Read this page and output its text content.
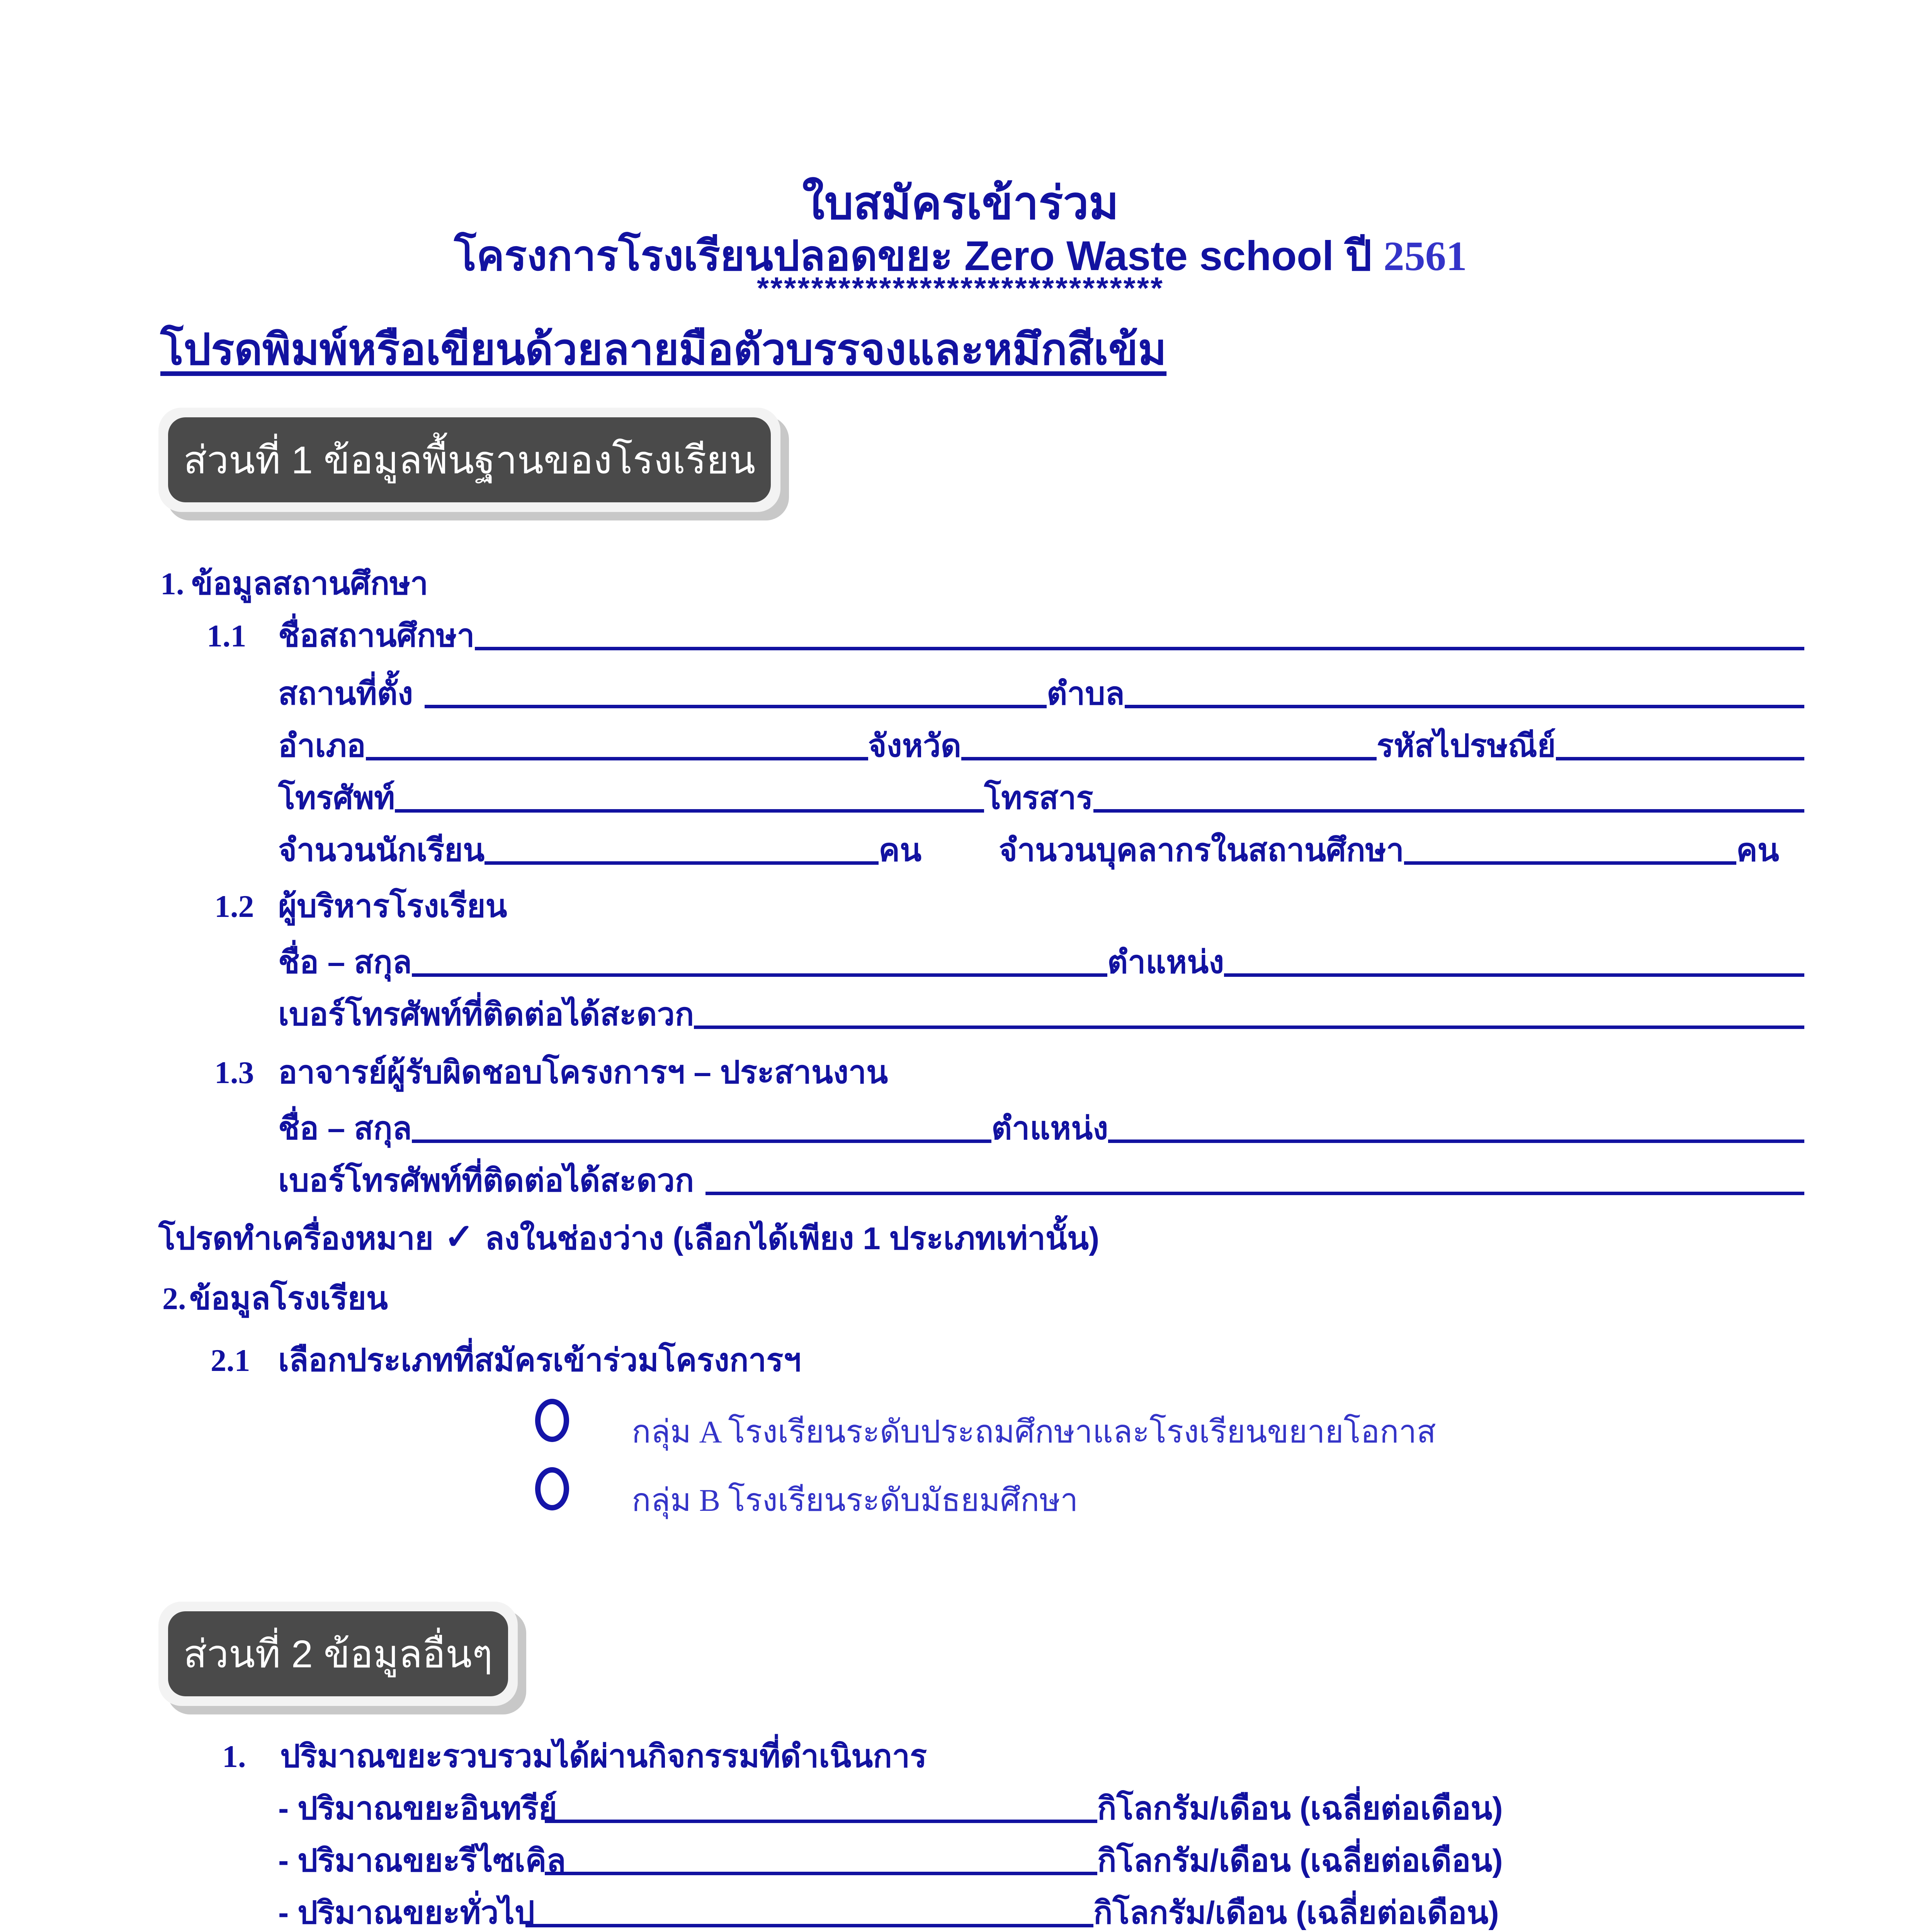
ใบสมัครเข้าร่วม
โครงการโรงเรียนปลอดขยะ Zero Waste school ปี 2561
******************************
โปรดพิมพ์หรือเขียนด้วยลายมือตัวบรรจงและหมึกสีเข้ม
ส่วนที่ 1 ข้อมูลพื้นฐานของโรงเรียน
1. ข้อมูลสถานศึกษา
1.1	ชื่อสถานศึกษา
สถานที่ตั้ง	ตำบล
อำเภอ	จังหวัด	รหัสไปรษณีย์
โทรศัพท์	โทรสาร
จำนวนนักเรียน	คน จำนวนบุคลากรในสถานศึกษา	คน
1.2 ผู้บริหารโรงเรียน
ชื่อ – สกุล	ตำแหน่ง
เบอร์โทรศัพท์ที่ติดต่อได้สะดวก
1.3 อาจารย์ผู้รับผิดชอบโครงการฯ – ประสานงาน
ชื่อ – สกุล	ตำแหน่ง
เบอร์โทรศัพท์ที่ติดต่อได้สะดวก
โปรดทำเครื่องหมาย ✓ ลงในช่องว่าง (เลือกได้เพียง 1 ประเภทเท่านั้น)
2. ข้อมูลโรงเรียน
2.1 เลือกประเภทที่สมัครเข้าร่วมโครงการฯ
กลุ่ม A โรงเรียนระดับประถมศึกษาและโรงเรียนขยายโอกาส
กลุ่ม B โรงเรียนระดับมัธยมศึกษา
ส่วนที่ 2 ข้อมูลอื่นๆ
1.	ปริมาณขยะรวบรวมได้ผ่านกิจกรรมที่ดำเนินการ
- ปริมาณขยะอินทรีย์	กิโลกรัม/เดือน (เฉลี่ยต่อเดือน)
- ปริมาณขยะรีไซเคิล	กิโลกรัม/เดือน (เฉลี่ยต่อเดือน)
- ปริมาณขยะทั่วไป	กิโลกรัม/เดือน (เฉลี่ยต่อเดือน)
